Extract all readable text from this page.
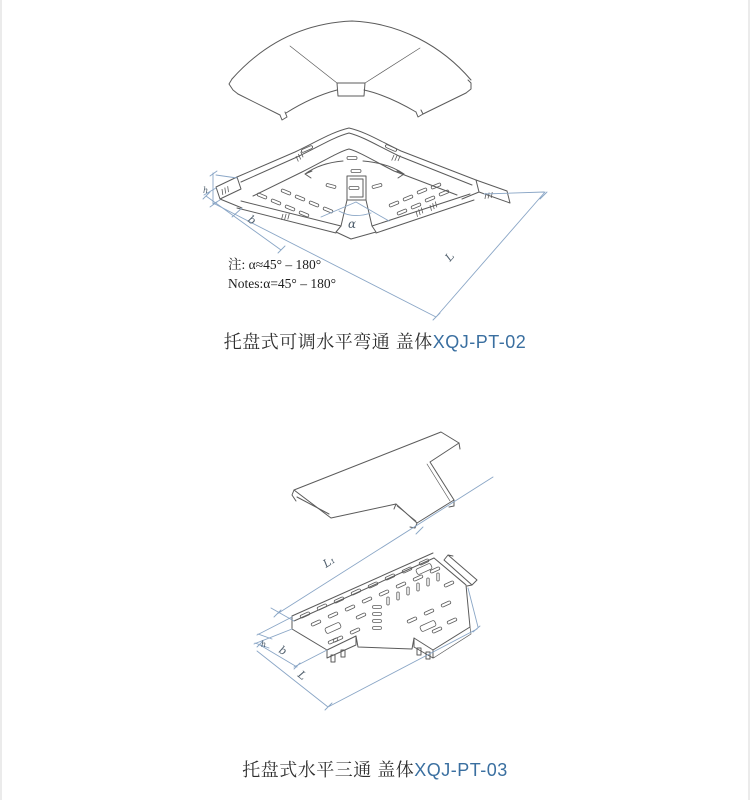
h
b
L
α
L₁
h b
L
注: α≈45° – 180°
Notes:α=45° – 180°
托盘式可调水平弯通 盖体XQJ-PT-02
托盘式水平三通 盖体XQJ-PT-03
